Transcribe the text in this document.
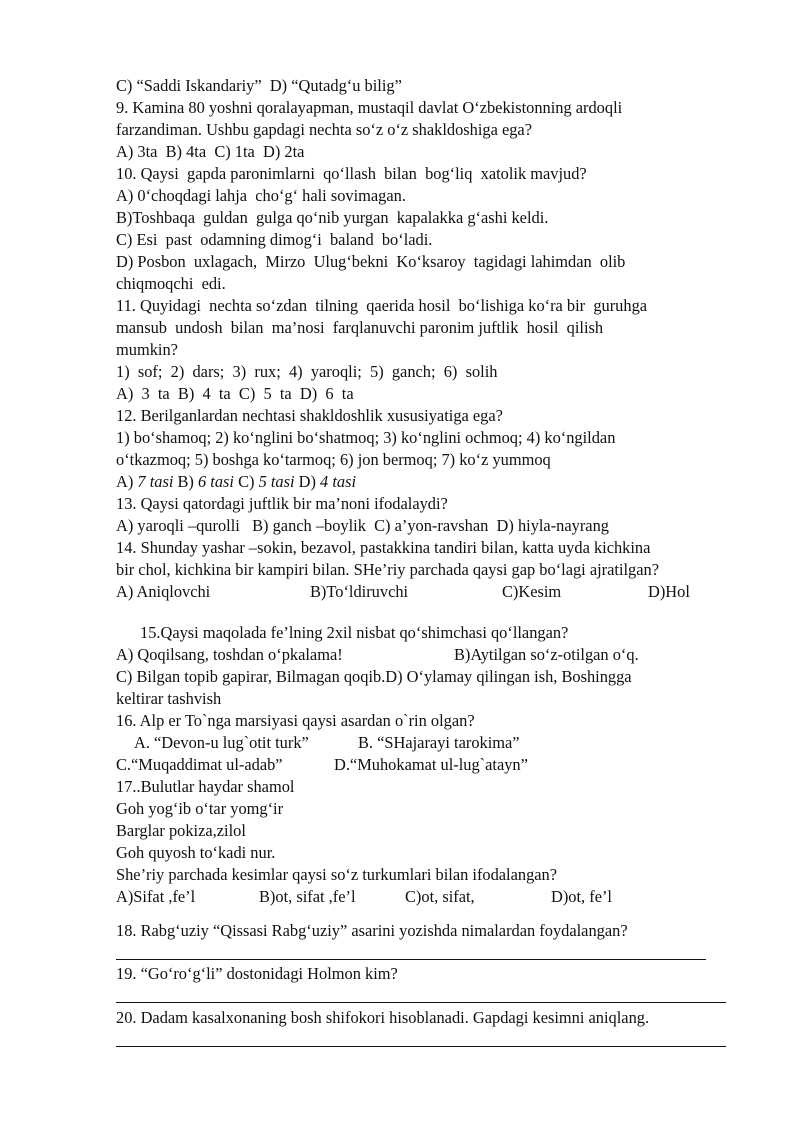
C) “Saddi Iskandariy”  D) “Qutadg‘u bilig”
9. Kamina 80 yoshni qoralayapman, mustaqil davlat O‘zbekistonning ardoqli
farzandiman. Ushbu gapdagi nechta so‘z o‘z shakldoshiga ega?
A) 3ta  B) 4ta  C) 1ta  D) 2ta
10. Qaysi  gapda paronimlarni  qo‘llash  bilan  bog‘liq  xatolik mavjud?
A) 0‘choqdagi lahja  cho‘g‘ hali sovimagan.
B)Toshbaqa  guldan  gulga qo‘nib yurgan  kapalakka g‘ashi keldi.
C) Esi  past  odamning dimog‘i  baland  bo‘ladi.
D) Posbon  uxlagach,  Mirzo  Ulug‘bekni  Ko‘ksaroy  tagidagi lahimdan  olib
chiqmoqchi  edi.
11. Quyidagi  nechta so‘zdan  tilning  qaerida hosil  bo‘lishiga ko‘ra bir  guruhga
mansub  undosh  bilan  ma’nosi  farqlanuvchi paronim juftlik  hosil  qilish
mumkin?
1)  sof;  2)  dars;  3)  rux;  4)  yaroqli;  5)  ganch;  6)  solih
A)  3  ta  B)  4  ta  C)  5  ta  D)  6  ta
12. Berilganlardan nechtasi shakldoshlik xususiyatiga ega?
1) bo‘shamoq; 2) ko‘nglini bo‘shatmoq; 3) ko‘nglini ochmoq; 4) ko‘ngildan
o‘tkazmoq; 5) boshga ko‘tarmoq; 6) jon bermoq; 7) ko‘z yummoq
A) 7 tasi B) 6 tasi C) 5 tasi D) 4 tasi
13. Qaysi qatordagi juftlik bir ma’noni ifodalaydi?
A) yaroqli –qurolli   B) ganch –boylik  C) a’yon-ravshan  D) hiyla-nayrang
14. Shunday yashar –sokin, bezavol, pastakkina tandiri bilan, katta uyda kichkina
bir chol, kichkina bir kampiri bilan. SHe’riy parchada qaysi gap bo‘lagi ajratilgan?
A) Aniqlovchi	B)To‘ldiruvchi	C)Kesim	D)Hol
15.Qaysi maqolada fe’lning 2xil nisbat qo‘shimchasi qo‘llangan?
A) Qoqilsang, toshdan o‘pkalama!	B)Aytilgan so‘z-otilgan o‘q.
C) Bilgan topib gapirar, Bilmagan qoqib.D) O‘ylamay qilingan ish, Boshingga
keltirar tashvish
16. Alp er To`nga marsiyasi qaysi asardan o`rin olgan?
A. “Devon-u lug`otit turk”	B. “SHajarayi tarokima”
C.“Muqaddimat ul-adab”	D.“Muhokamat ul-lug`atayn”
17..Bulutlar haydar shamol
Goh yog‘ib o‘tar yomg‘ir
Barglar pokiza,zilol
Goh quyosh to‘kadi nur.
She’riy parchada kesimlar qaysi so‘z turkumlari bilan ifodalangan?
A)Sifat ,fe’l	B)ot, sifat ,fe’l	C)ot, sifat,	D)ot, fe’l
18. Rabg‘uziy “Qissasi Rabg‘uziy” asarini yozishda nimalardan foydalangan?
19. “Go‘ro‘g‘li” dostonidagi Holmon kim?
20. Dadam kasalxonaning bosh shifokori hisoblanadi. Gapdagi kesimni aniqlang.
